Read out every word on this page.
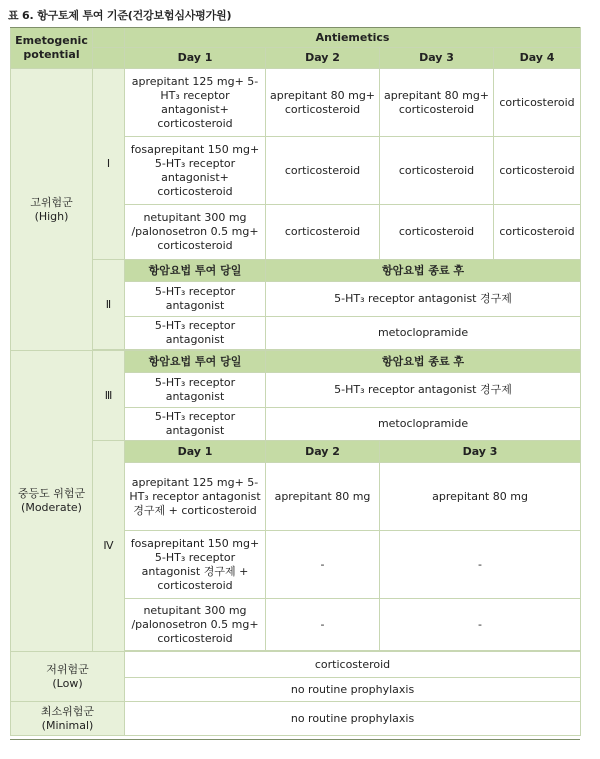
표 6. 항구토제 투여 기준(건강보험심사평가원)
Emetogenic
potential		Antiemetics			
		Day 1	Day 2	Day 3	Day 4

고위험군
(High)	Ⅰ	aprepitant 125 mg+ 5-HT₃ receptor antagonist+ corticosteroid	aprepitant 80 mg+ corticosteroid	aprepitant 80 mg+ corticosteroid	corticosteroid
		fosaprepitant 150 mg+ 5-HT₃ receptor antagonist+ corticosteroid	corticosteroid	corticosteroid	corticosteroid
		netupitant 300 mg /palonosetron 0.5 mg+ corticosteroid	corticosteroid	corticosteroid	corticosteroid
	Ⅱ	항암요법 투여 당일	항암요법 종료 후		
		5-HT₃ receptor antagonist	5-HT₃ receptor antagonist 경구제		
		5-HT₃ receptor antagonist	metoclopramide		

중등도 위험군
(Moderate)	Ⅲ	항암요법 투여 당일	항암요법 종료 후		
		5-HT₃ receptor antagonist	5-HT₃ receptor antagonist 경구제		
		5-HT₃ receptor antagonist	metoclopramide		
	Ⅳ	Day 1	Day 2	Day 3	
		aprepitant 125 mg+ 5-HT₃ receptor antagonist 경구제 + corticosteroid	aprepitant 80 mg	aprepitant 80 mg	
		fosaprepitant 150 mg+ 5-HT₃ receptor antagonist 경구제 + corticosteroid	-	-	
		netupitant 300 mg /palonosetron 0.5 mg+ corticosteroid	-	-	

저위험군
(Low)		corticosteroid			
		no routine prophylaxis			

최소위험군
(Minimal)		no routine prophylaxis			
